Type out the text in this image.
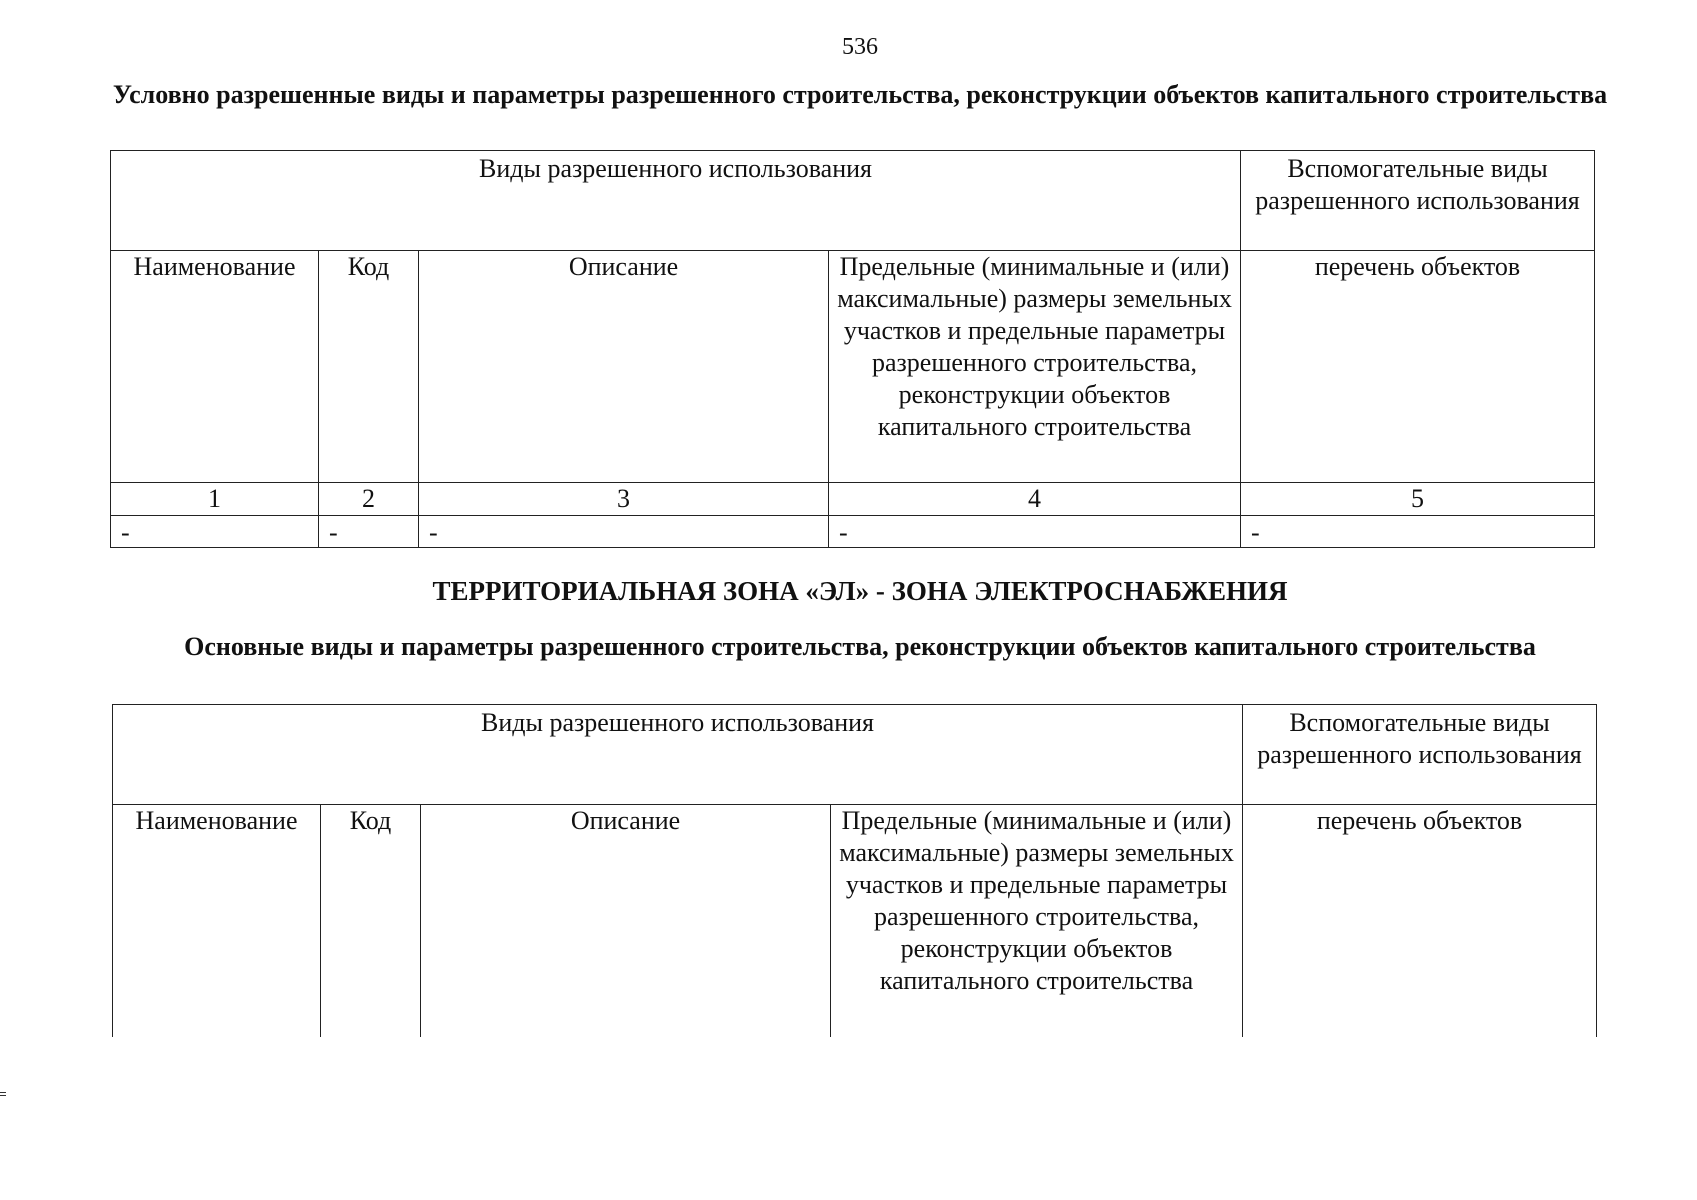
536
Условно разрешенные виды и параметры разрешенного строительства, реконструкции объектов капитального строительства
Виды разрешенного использования				Вспомогательные виды разрешенного использования
Наименование	Код	Описание	Предельные (минимальные и (или) максимальные) размеры земельных участков и предельные параметры разрешенного строительства, реконструкции объектов капитального строительства	перечень объектов
1	2	3	4	5
-	-	-	-	-
ТЕРРИТОРИАЛЬНАЯ ЗОНА «ЭЛ» - ЗОНА ЭЛЕКТРОСНАБЖЕНИЯ
Основные виды и параметры разрешенного строительства, реконструкции объектов капитального строительства
Виды разрешенного использования				Вспомогательные виды разрешенного использования
Наименование	Код	Описание	Предельные (минимальные и (или) максимальные) размеры земельных участков и предельные параметры разрешенного строительства, реконструкции объектов капитального строительства	перечень объектов
